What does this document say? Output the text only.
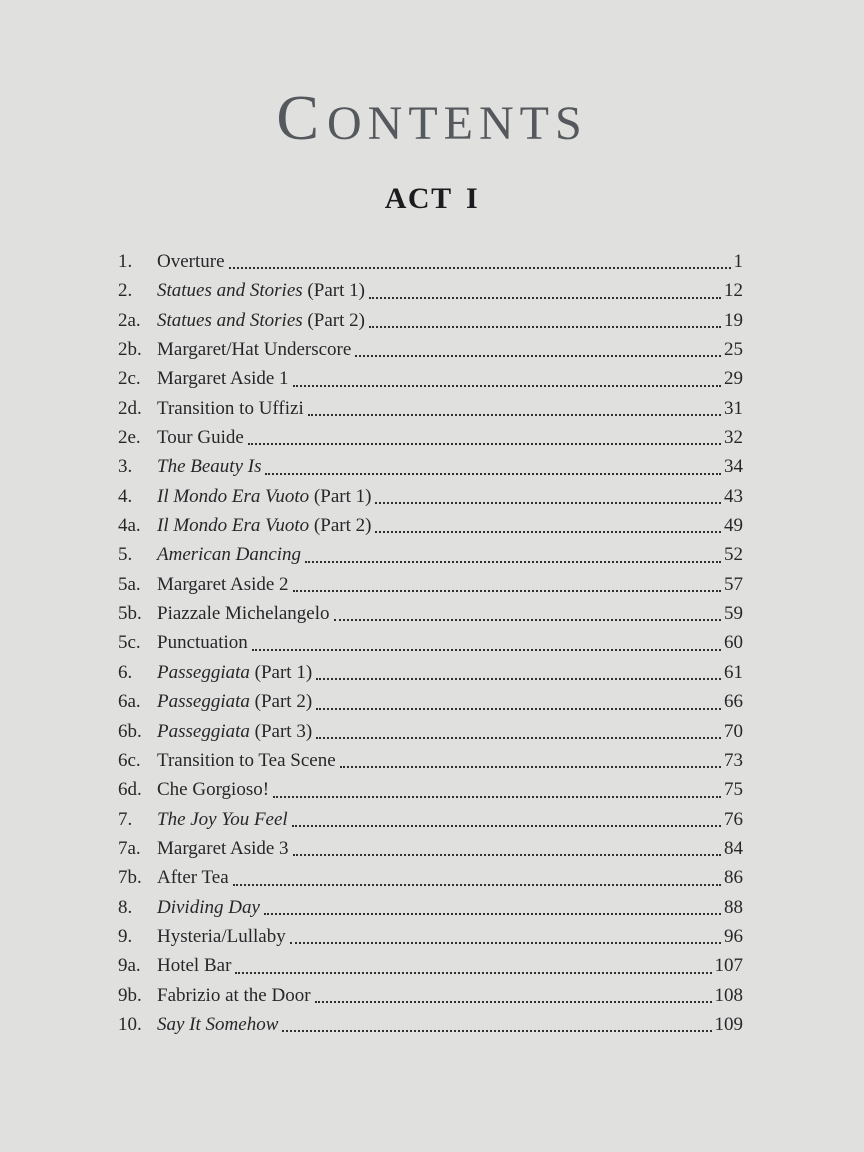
CONTENTS
ACT I
1.	Overture	1
2.	Statues and Stories (Part 1)	12
2a. Statues and Stories (Part 2)	19
2b. Margaret/Hat Underscore	25
2c. Margaret Aside 1	29
2d. Transition to Uffizi	31
2e. Tour Guide	32
3.	The Beauty Is	34
4.	Il Mondo Era Vuoto (Part 1)	43
4a. Il Mondo Era Vuoto (Part 2)	49
5.	American Dancing	52
5a. Margaret Aside 2	57
5b. Piazzale Michelangelo	59
5c. Punctuation	60
6.	Passeggiata (Part 1)	61
6a. Passeggiata (Part 2)	66
6b. Passeggiata (Part 3)	70
6c. Transition to Tea Scene	73
6d. Che Gorgioso!	75
7.	The Joy You Feel	76
7a. Margaret Aside 3	84
7b. After Tea	86
8.	Dividing Day	88
9.	Hysteria/Lullaby	96
9a. Hotel Bar	107
9b. Fabrizio at the Door	108
10. Say It Somehow	109
